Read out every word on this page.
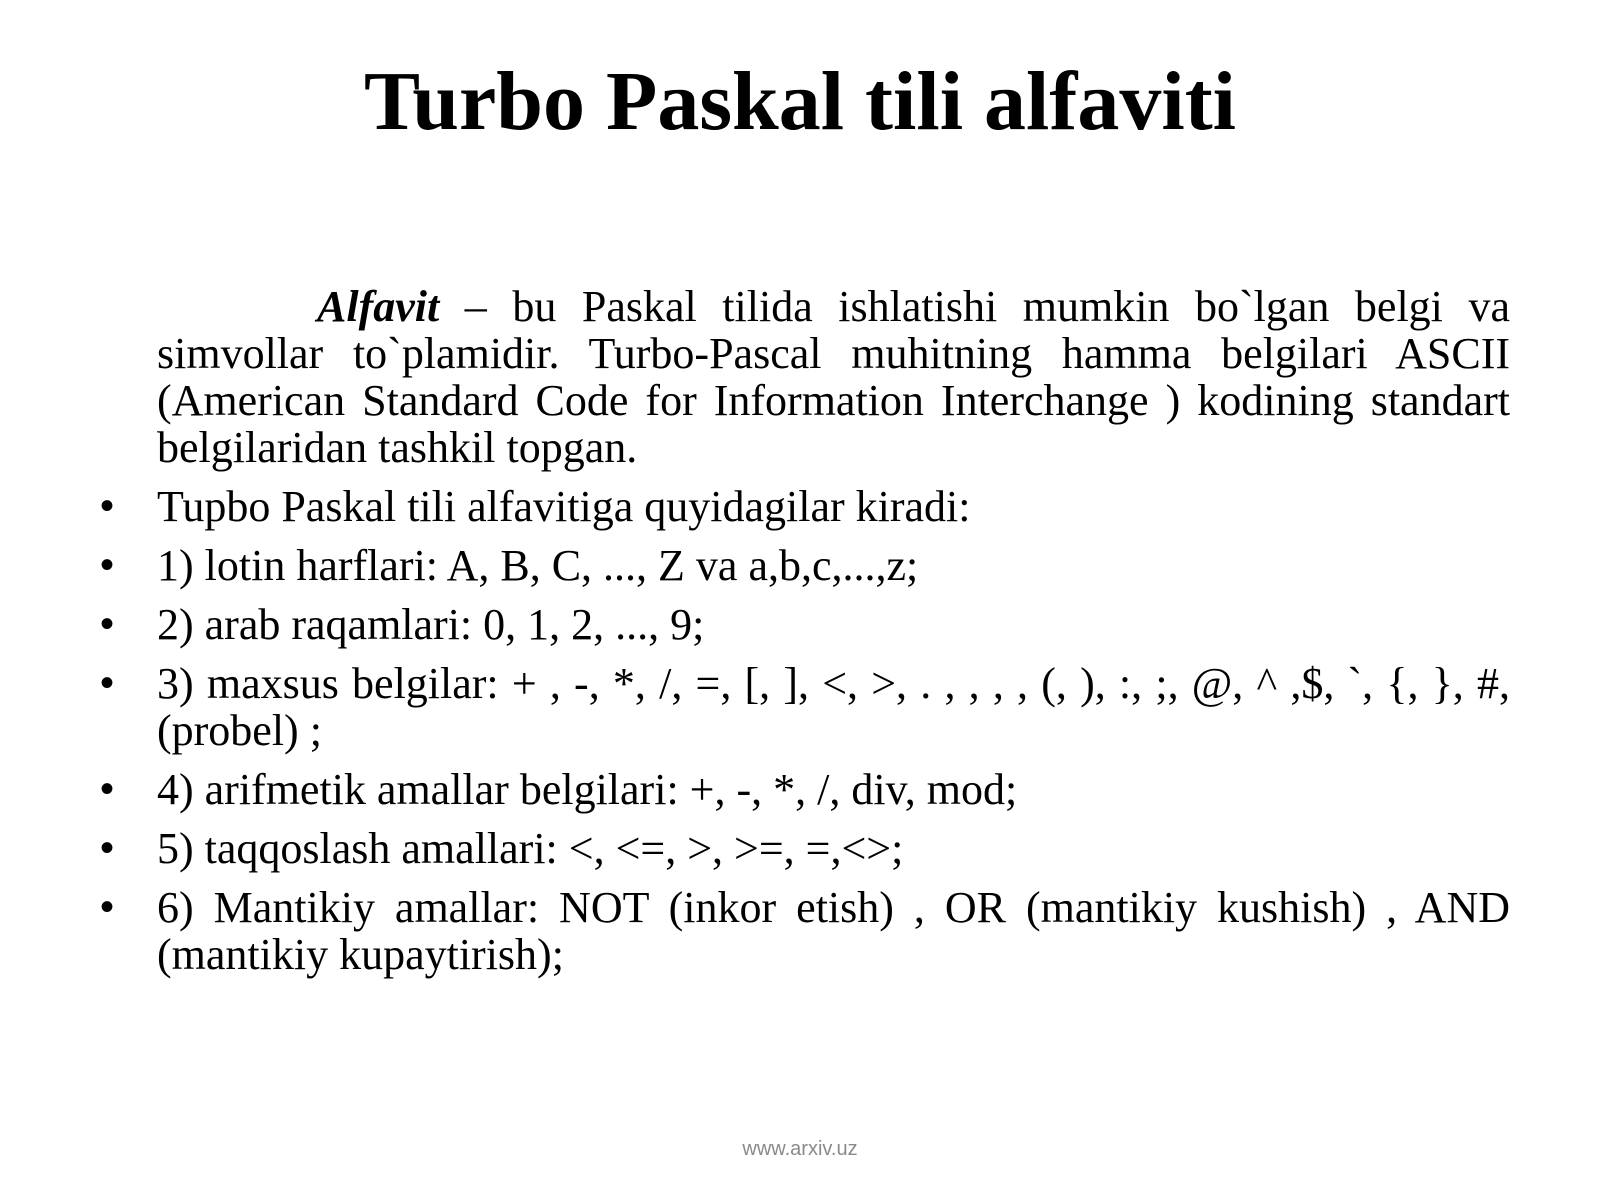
Turbo Paskal tili alfaviti

Alfavit – bu Paskal tilida ishlatishi mumkin bo`lgan belgi va simvollar to`plamidir. Turbo-Pascal muhitning hamma belgilari ASCII (American Standard Code for Information Interchange ) kodining standart belgilaridan tashkil topgan.

• Tupbo Paskal tili alfavitiga quyidagilar kiradi:
• 1) lotin harflari: A, B, C, ..., Z va a,b,c,...,z;
• 2) arab raqamlari: 0, 1, 2, ..., 9;
• 3) maxsus belgilar: + , -, *, /, =, [, ], <, >, . , , , , (, ), :, ;, @, ^ ,$, `, {, }, #, (probel) ;
• 4) arifmetik amallar belgilari: +, -, *, /, div, mod;
• 5) taqqoslash amallari: <, <=, >, >=, =,<>;
• 6) Mantikiy amallar: NOT (inkor etish) , OR (mantikiy kushish) , AND (mantikiy kupaytirish);
www.arxiv.uz
